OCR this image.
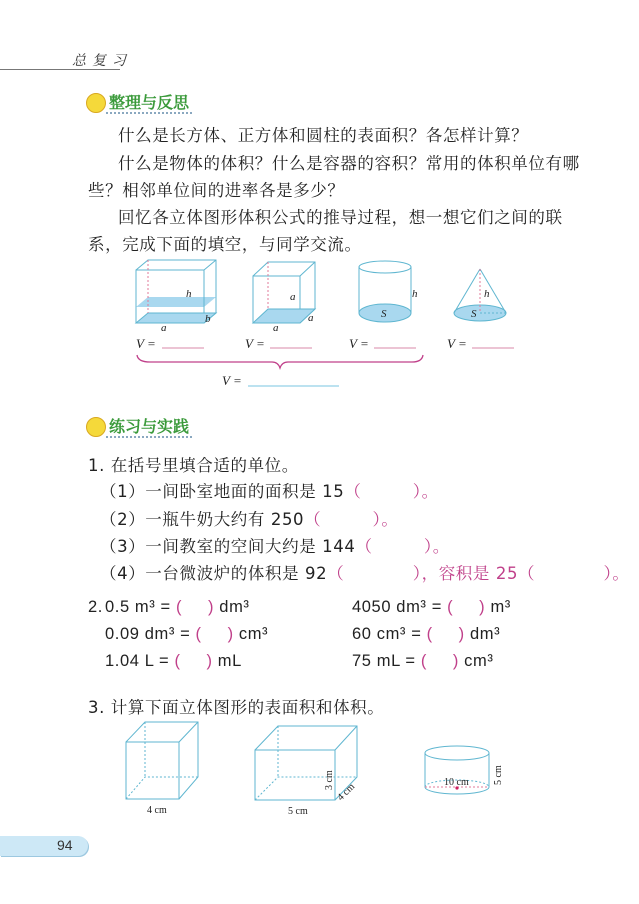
总复习
整理与反思
什么是长方体、正方体和圆柱的表面积？各怎样计算？
什么是物体的体积？什么是容器的容积？常用的体积单位有哪
些？相邻单位间的进率各是多少？
回忆各立体图形体积公式的推导过程，想一想它们之间的联
系，完成下面的填空，与同学交流。
h
a
b
a
a
a
h
S
h
S
V =	V =	V =	V =
V =
4 cm	5 cm
3 cm
4 cm	10 cm 5 cm
练习与实践
1. 在括号里填合适的单位。
（1）一间卧室地面的面积是 15（   ）。
（2）一瓶牛奶大约有 250（   ）。
（3）一间教室的空间大约是 144（   ）。
（4）一台微波炉的体积是 92（    ），容积是 25（    ）。
2. 0.5 m³ = (  ) dm³	4050 dm³ = (  ) m³
0.09 dm³ = (  ) cm³	60 cm³ = (  ) dm³
1.04 L = (  ) mL	75 mL = (  ) cm³
3. 计算下面立体图形的表面积和体积。
94
